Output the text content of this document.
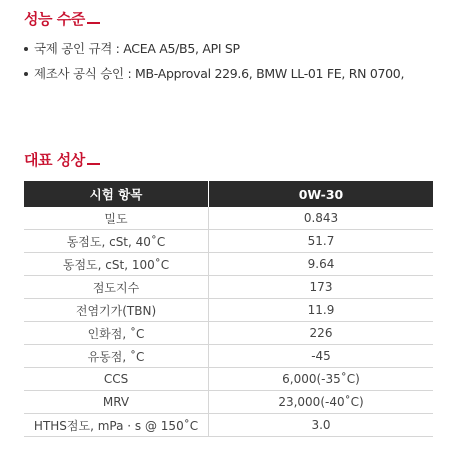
성능 수준
국제 공인 규격 : ACEA A5/B5, API SP
제조사 공식 승인 : MB-Approval 229.6, BMW LL-01 FE, RN 0700,
대표 성상
시험 항목	0W-30
밀도	0.843
동점도, cSt, 40˚C	51.7
동점도, cSt, 100˚C	9.64
점도지수	173
전염기가(TBN)	11.9
인화점, ˚C	226
유동점, ˚C	-45
CCS	6,000(-35˚C)
MRV	23,000(-40˚C)
HTHS점도, mPa · s @ 150˚C	3.0
